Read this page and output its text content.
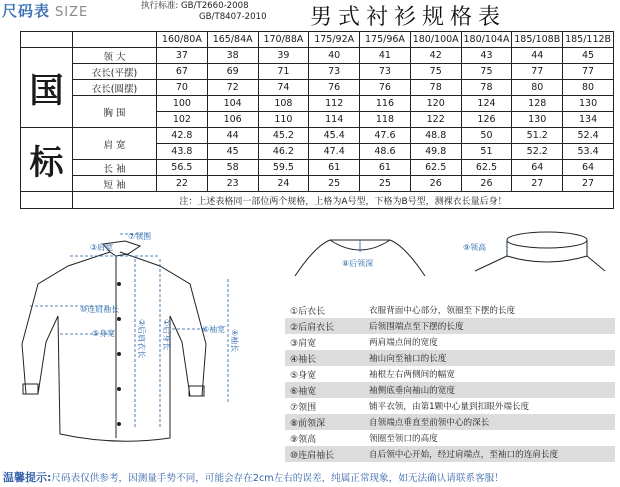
尺码表 SIZE	执行标准: GB/T2660-2008
GB/T8407-2010 男式衬衫规格表
		160/80A	165/84A	170/88A	175/92A	175/96A	180/100A	180/104A	185/108B	185/112B
国	领 大	37	38	39	40	41	42	43	44	45
	衣长(平摆)	67	69	71	73	73	75	75	77	77
	衣长(圆摆)	70	72	74	76	76	78	78	80	80
	胸 围	100	104	108	112	116	120	124	128	130
		102	106	110	114	118	122	126	130	134
标	肩 宽	42.8	44	45.2	45.4	47.6	48.8	50	51.2	52.4
		43.8	45	46.2	47.4	48.6	49.8	51	52.2	53.4
	长 袖	56.5	58	59.5	61	61	62.5	62.5	64	64
	短 袖	22	23	24	25	25	26	26	27	27
	注：上述表格同一部位两个规格，上格为A号型，下格为B号型，测裸衣长量后身！									
③肩宽
⑦领围
⑩连肩袖长
⑤身宽	⑥袖宽
②后肩衣长 ①后身长	④袖长
⑧后领深
⑨领高
①后衣长	衣服背面中心部分，领圈至下摆的长度
②后肩衣长	后领围端点至下摆的长度
③肩宽	两肩端点间的宽度
④袖长	袖山向至袖口的长度
⑤身宽	袖根左右两侧间的幅宽
⑥袖宽	袖侧底垂向袖山的宽度
⑦领围	铺平衣领，由第1颗中心量到扣眼外端长度
⑧前领深	自领端点垂直至前领中心的深长
⑨领高	领圈至领口的高度
⑩连肩袖长	自后领中心开始，经过肩端点，至袖口的连肩长度
温馨提示:尺码表仅供参考，因测量手势不同，可能会存在2cm左右的误差，纯属正常现象，如无法确认请联系客服！
